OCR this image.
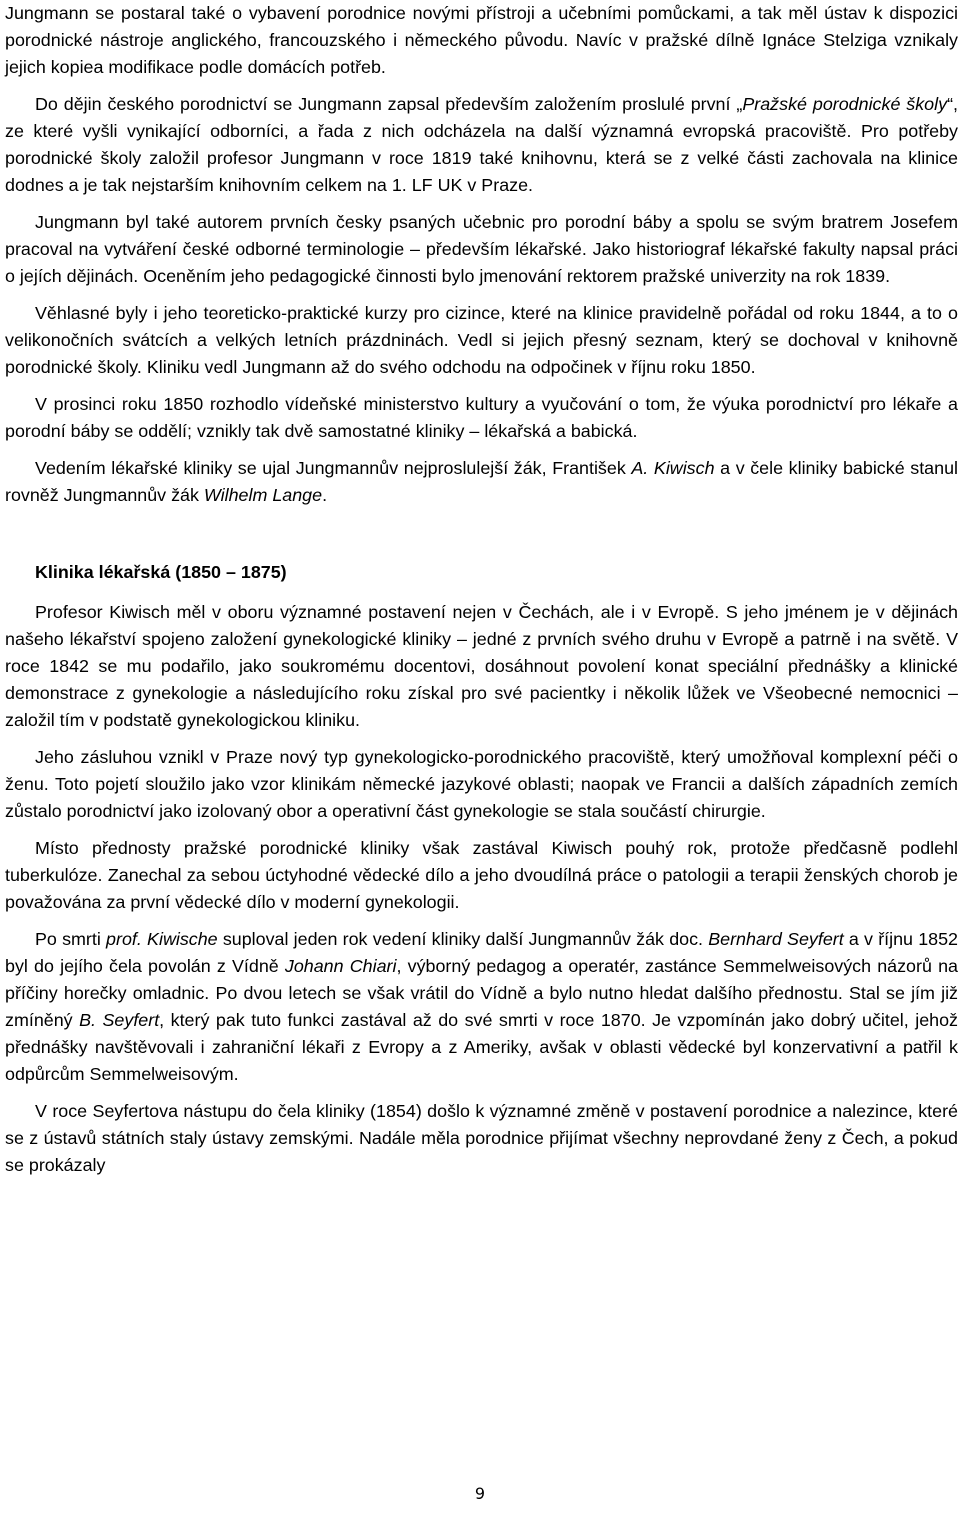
Jungmann se postaral také o vybavení porodnice novými přístroji a učebními pomůckami, a tak měl ústav k dispozici porodnické nástroje anglického, francouzského i německého původu. Navíc v pražské dílně Ignáce Stelziga vznikaly jejich kopiea modifikace podle domácích potřeb.

Do dějin českého porodnictví se Jungmann zapsal především založením proslulé první „Pražské porodnické školy“, ze které vyšli vynikající odborníci, a řada z nich odcházela na další významná evropská pracoviště. Pro potřeby porodnické školy založil profesor Jungmann v roce 1819 také knihovnu, která se z velké části zachovala na klinice dodnes a je tak nejstarším knihovním celkem na 1. LF UK v Praze.

Jungmann byl také autorem prvních česky psaných učebnic pro porodní báby a spolu se svým bratrem Josefem pracoval na vytváření české odborné terminologie – především lékařské. Jako historiograf lékařské fakulty napsal práci o jejích dějinách. Oceněním jeho pedagogické činnosti bylo jmenování rektorem pražské univerzity na rok 1839.

Věhlasné byly i jeho teoreticko-praktické kurzy pro cizince, které na klinice pravidelně pořádal od roku 1844, a to o velikonočních svátcích a velkých letních prázdninách. Vedl si jejich přesný seznam, který se dochoval v knihovně porodnické školy. Kliniku vedl Jungmann až do svého odchodu na odpočinek v říjnu roku 1850.

V prosinci roku 1850 rozhodlo vídeňské ministerstvo kultury a vyučování o tom, že výuka porodnictví pro lékaře a porodní báby se oddělí; vznikly tak dvě samostatné kliniky – lékařská a babická.

Vedením lékařské kliniky se ujal Jungmannův nejproslulejší žák, František A. Kiwisch a v čele kliniky babické stanul rovněž Jungmannův žák Wilhelm Lange.

Klinika lékařská (1850 – 1875)

Profesor Kiwisch měl v oboru významné postavení nejen v Čechách, ale i v Evropě. S jeho jménem je v dějinách našeho lékařství spojeno založení gynekologické kliniky – jedné z prvních svého druhu v Evropě a patrně i na světě. V roce 1842 se mu podařilo, jako soukromému docentovi, dosáhnout povolení konat speciální přednášky a klinické demonstrace z gynekologie a následujícího roku získal pro své pacientky i několik lůžek ve Všeobecné nemocnici – založil tím v podstatě gynekologickou kliniku.

Jeho zásluhou vznikl v Praze nový typ gynekologicko-porodnického pracoviště, který umožňoval komplexní péči o ženu. Toto pojetí sloužilo jako vzor klinikám německé jazykové oblasti; naopak ve Francii a dalších západních zemích zůstalo porodnictví jako izolovaný obor a operativní část gynekologie se stala součástí chirurgie.

Místo přednosty pražské porodnické kliniky však zastával Kiwisch pouhý rok, protože předčasně podlehl tuberkulóze. Zanechal za sebou úctyhodné vědecké dílo a jeho dvoudílná práce o patologii a terapii ženských chorob je považována za první vědecké dílo v moderní gynekologii.

Po smrti prof. Kiwische suploval jeden rok vedení kliniky další Jungmannův žák doc. Bernhard Seyfert a v říjnu 1852 byl do jejího čela povolán z Vídně Johann Chiari, výborný pedagog a operatér, zastánce Semmelweisových názorů na příčiny horečky omladnic. Po dvou letech se však vrátil do Vídně a bylo nutno hledat dalšího přednostu. Stal se jím již zmíněný B. Seyfert, který pak tuto funkci zastával až do své smrti v roce 1870. Je vzpomínán jako dobrý učitel, jehož přednášky navštěvovali i zahraniční lékaři z Evropy a z Ameriky, avšak v oblasti vědecké byl konzervativní a patřil k odpůrcům Semmelweisovým.

V roce Seyfertova nástupu do čela kliniky (1854) došlo k významné změně v postavení porodnice a nalezince, které se z ústavů státních staly ústavy zemskými. Nadále měla porodnice přijímat všechny neprovdané ženy z Čech, a pokud se prokázaly

9
